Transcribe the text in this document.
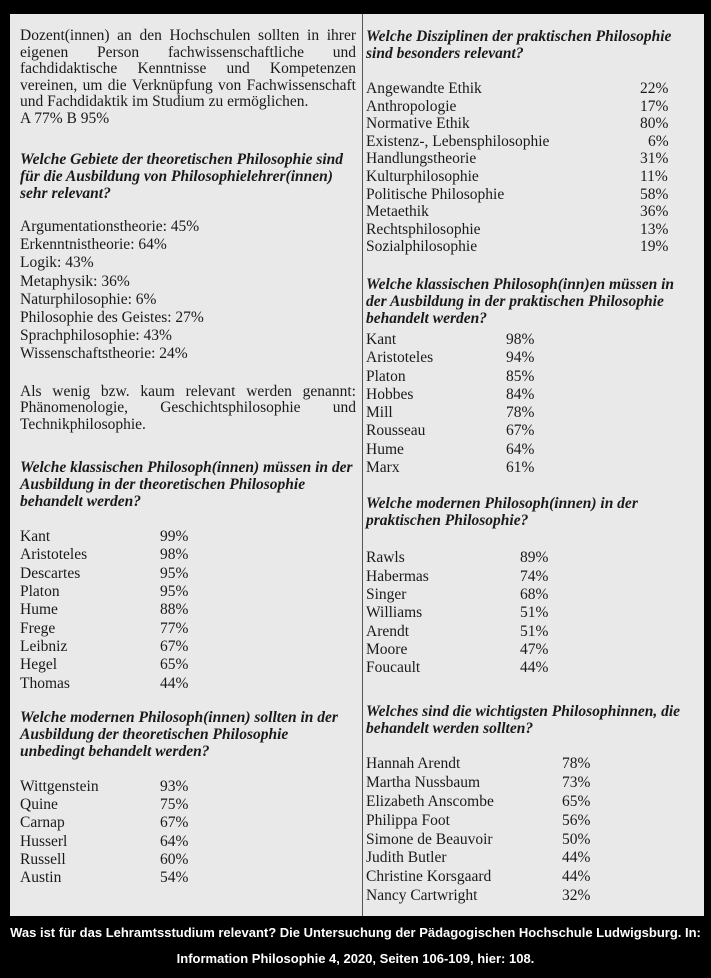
Dozent(innen) an den Hochschulen sollten in ihrer eigenen Person fachwissenschaftliche und fachdidaktische Kenntnisse und Kompetenzen vereinen, um die Verknüpfung von Fachwissenschaft und Fachdidaktik im Studium zu ermöglichen.

A 77% B 95%

Welche Gebiete der theoretischen Philosophie sind für die Ausbildung von Philosophielehrer(innen) sehr relevant?

Argumentationstheorie: 45%
Erkenntnistheorie: 64%
Logik: 43%
Metaphysik: 36%
Naturphilosophie: 6%
Philosophie des Geistes: 27%
Sprachphilosophie: 43%
Wissenschaftstheorie: 24%

Als wenig bzw. kaum relevant werden genannt: Phänomenologie, Geschichtsphilosophie und Technikphilosophie.

Welche klassischen Philosoph(innen) müssen in der Ausbildung in der theoretischen Philosophie behandelt werden?

Kant	99%
Aristoteles	98%
Descartes	95%
Platon	95%
Hume	88%
Frege	77%
Leibniz	67%
Hegel	65%
Thomas	44%

Welche modernen Philosoph(innen) sollten in der Ausbildung der theoretischen Philosophie unbedingt behandelt werden?

Wittgenstein	93%
Quine	75%
Carnap	67%
Husserl	64%
Russell	60%
Austin	54%

Welche Disziplinen der praktischen Philosophie sind besonders relevant?

Angewandte Ethik	22%
Anthropologie	17%
Normative Ethik	80%
Existenz-, Lebensphilosophie	6%
Handlungstheorie	31%
Kulturphilosophie	11%
Politische Philosophie	58%
Metaethik	36%
Rechtsphilosophie	13%
Sozialphilosophie	19%

Welche klassischen Philosoph(inn)en müssen in der Ausbildung in der praktischen Philosophie behandelt werden?

Kant	98%
Aristoteles	94%
Platon	85%
Hobbes	84%
Mill	78%
Rousseau	67%
Hume	64%
Marx	61%

Welche modernen Philosoph(innen) in der praktischen Philosophie?

Rawls	89%
Habermas	74%
Singer	68%
Williams	51%
Arendt	51%
Moore	47%
Foucault	44%

Welches sind die wichtigsten Philosophinnen, die behandelt werden sollten?

Hannah Arendt	78%
Martha Nussbaum	73%
Elizabeth Anscombe	65%
Philippa Foot	56%
Simone de Beauvoir	50%
Judith Butler	44%
Christine Korsgaard	44%
Nancy Cartwright	32%
Was ist für das Lehramtsstudium relevant? Die Untersuchung der Pädagogischen Hochschule Ludwigsburg. In:
Information Philosophie 4, 2020, Seiten 106-109, hier: 108.
